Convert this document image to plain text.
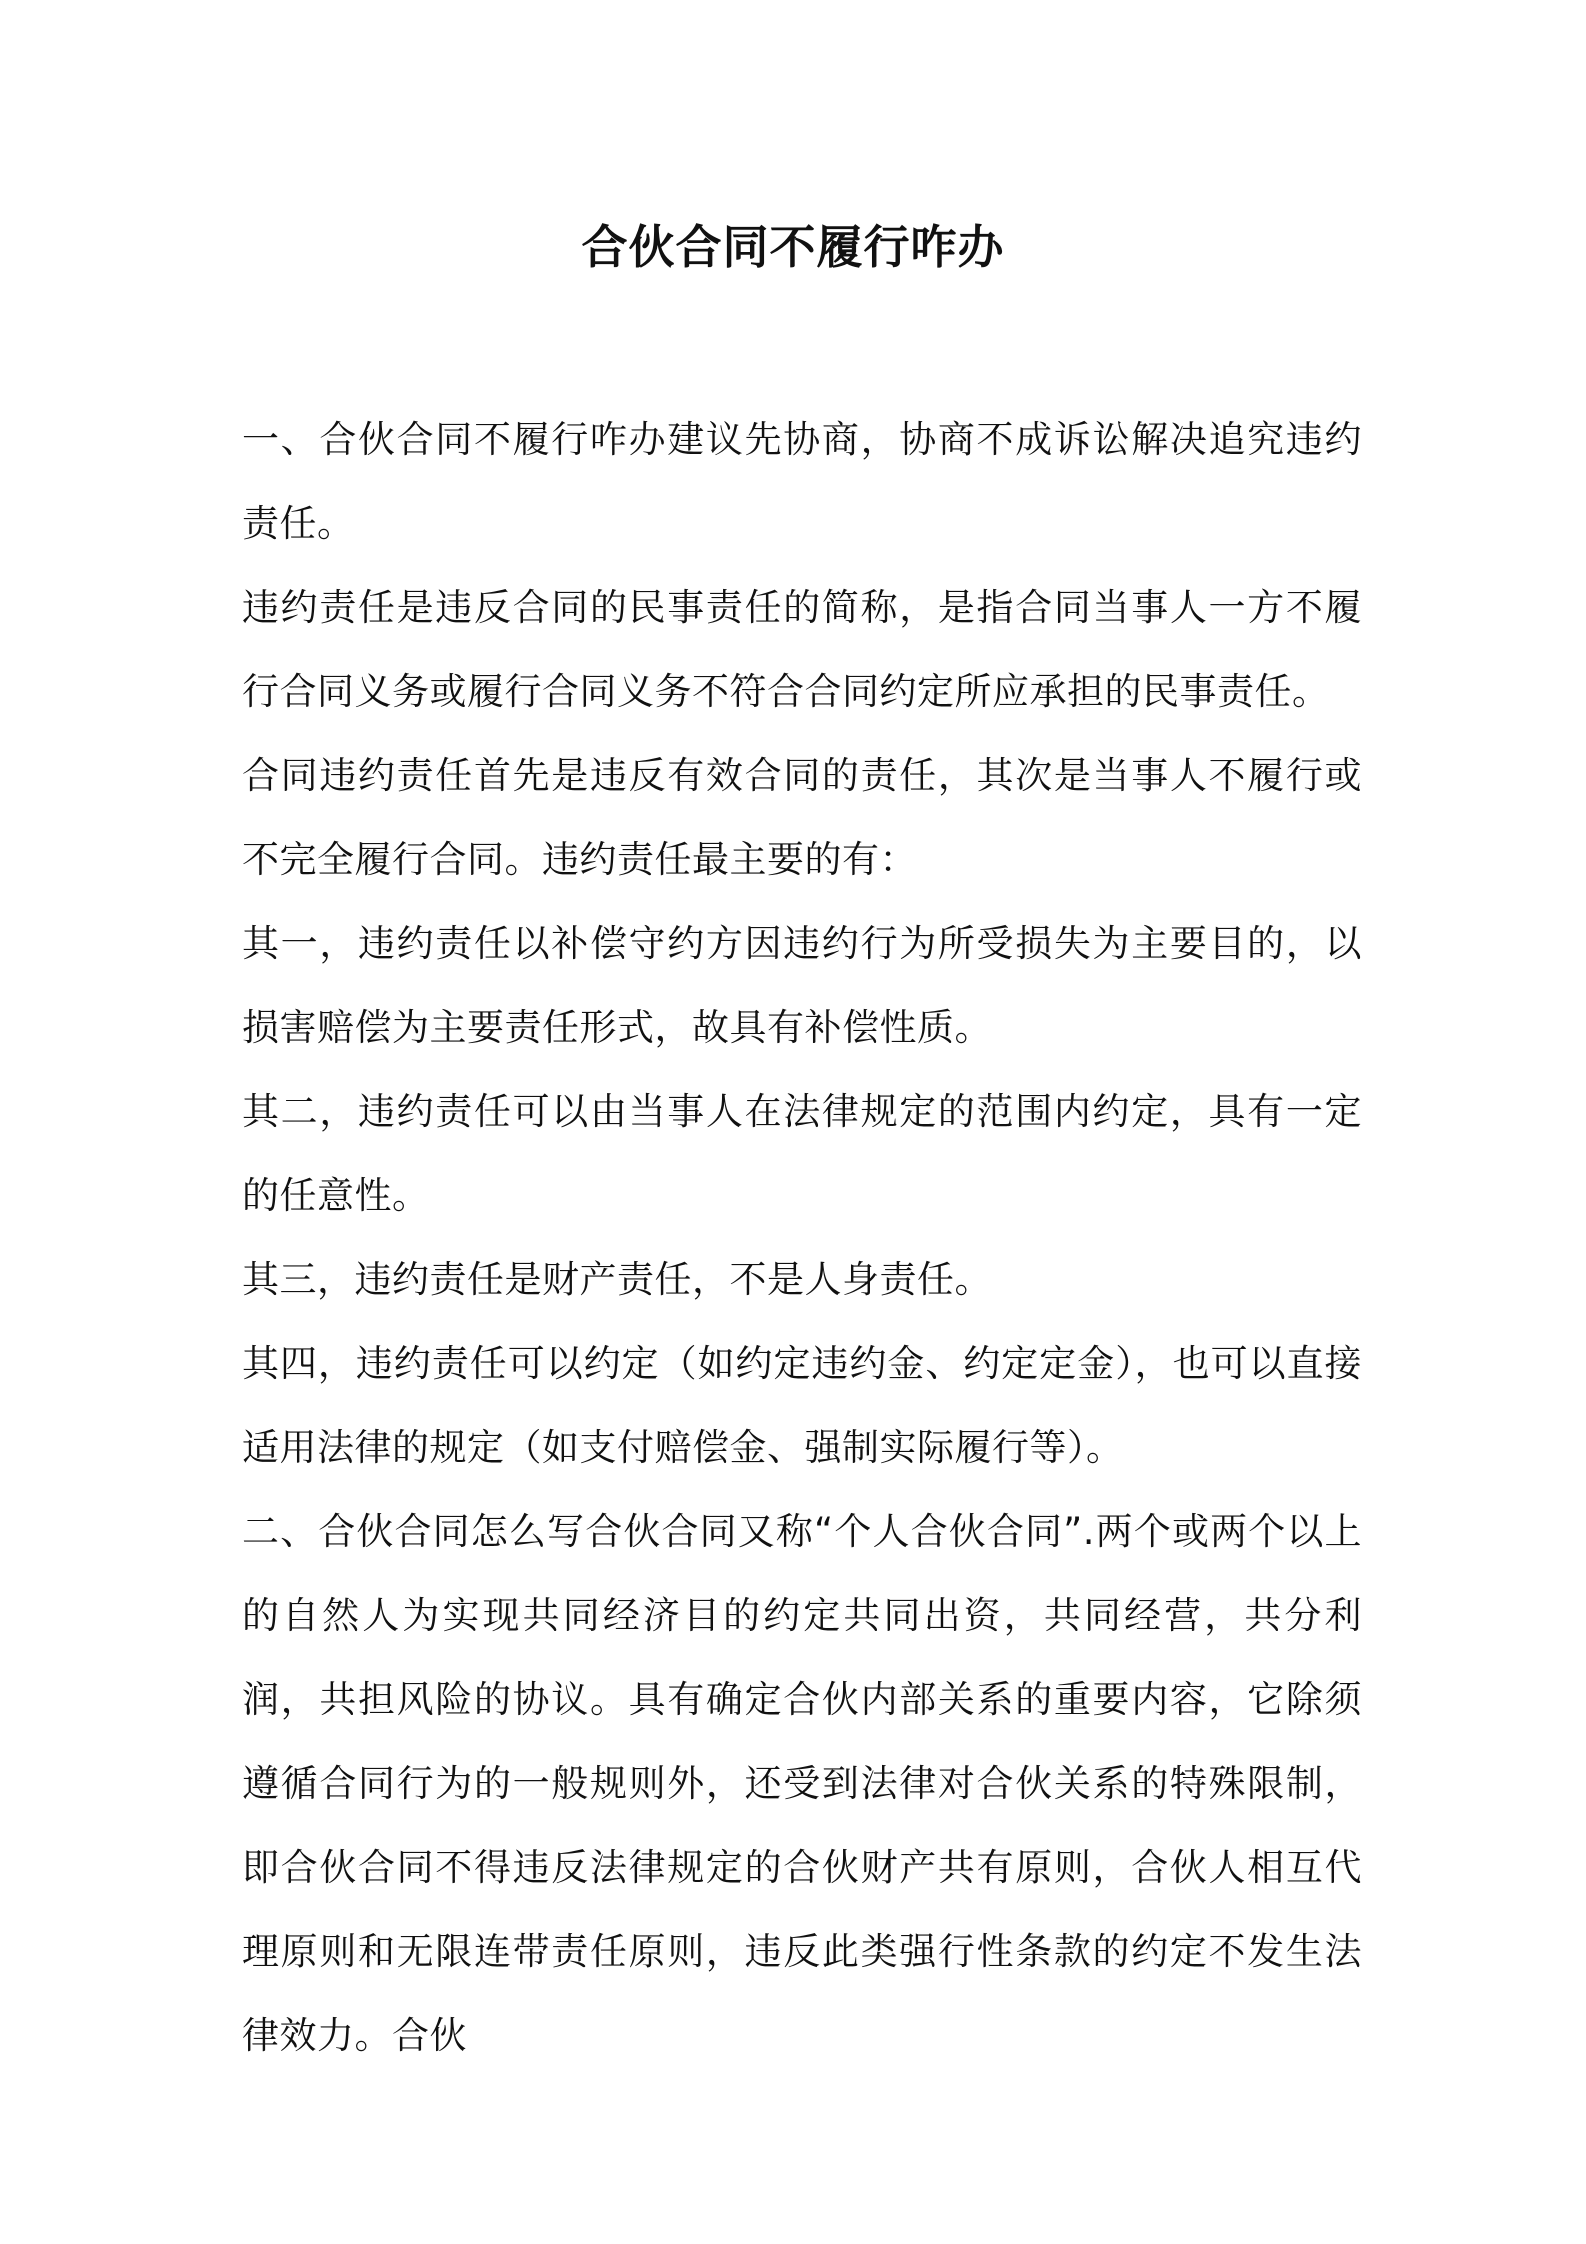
合伙合同不履行咋办

一、合伙合同不履行咋办建议先协商，协商不成诉讼解决追究违约责任。

违约责任是违反合同的民事责任的简称，是指合同当事人一方不履行合同义务或履行合同义务不符合合同约定所应承担的民事责任。

合同违约责任首先是违反有效合同的责任，其次是当事人不履行或不完全履行合同。违约责任最主要的有：

其一，违约责任以补偿守约方因违约行为所受损失为主要目的，以损害赔偿为主要责任形式，故具有补偿性质。

其二，违约责任可以由当事人在法律规定的范围内约定，具有一定的任意性。

其三，违约责任是财产责任，不是人身责任。

其四，违约责任可以约定（如约定违约金、约定定金），也可以直接适用法律的规定（如支付赔偿金、强制实际履行等）。

二、合伙合同怎么写合伙合同又称“个人合伙合同”.两个或两个以上的自然人为实现共同经济目的约定共同出资，共同经营，共分利润，共担风险的协议。具有确定合伙内部关系的重要内容，它除须遵循合同行为的一般规则外，还受到法律对合伙关系的特殊限制，即合伙合同不得违反法律规定的合伙财产共有原则，合伙人相互代理原则和无限连带责任原则，违反此类强行性条款的约定不发生法律效力。合伙
